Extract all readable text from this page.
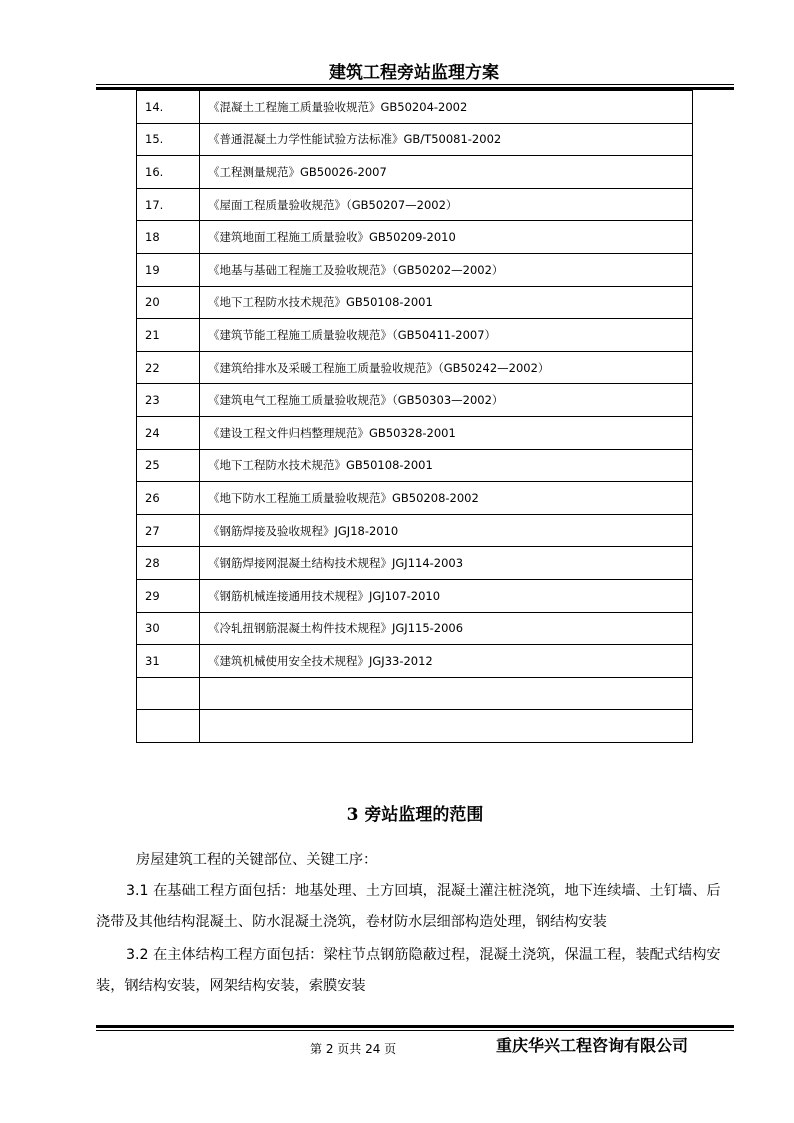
建筑工程旁站监理方案
14.	《混凝土工程施工质量验收规范》GB50204-2002
15.	《普通混凝土力学性能试验方法标准》GB/T50081-2002
16.	《工程测量规范》GB50026-2007
17.	《屋面工程质量验收规范》（GB50207—2002）
18	《建筑地面工程施工质量验收》GB50209-2010
19	《地基与基础工程施工及验收规范》（GB50202—2002）
20	《地下工程防水技术规范》GB50108-2001
21	《建筑节能工程施工质量验收规范》（GB50411-2007）
22	《建筑给排水及采暖工程施工质量验收规范》（GB50242—2002）
23	《建筑电气工程施工质量验收规范》（GB50303—2002）
24	《建设工程文件归档整理规范》GB50328-2001
25	《地下工程防水技术规范》GB50108-2001
26	《地下防水工程施工质量验收规范》GB50208-2002
27	《钢筋焊接及验收规程》JGJ18-2010
28	《钢筋焊接网混凝土结构技术规程》JGJ114-2003
29	《钢筋机械连接通用技术规程》JGJ107-2010
30	《冷轧扭钢筋混凝土构件技术规程》JGJ115-2006
31	《建筑机械使用安全技术规程》JGJ33-2012

3 旁站监理的范围
房屋建筑工程的关键部位、关键工序：
3.1 在基础工程方面包括：地基处理、土方回填，混凝土灌注桩浇筑，地下连续墙、土钉墙、后浇带及其他结构混凝土、防水混凝土浇筑，卷材防水层细部构造处理，钢结构安装
3.2 在主体结构工程方面包括：梁柱节点钢筋隐蔽过程，混凝土浇筑，保温工程，装配式结构安装，钢结构安装，网架结构安装，索膜安装
第 2 页共 24 页	重庆华兴工程咨询有限公司
